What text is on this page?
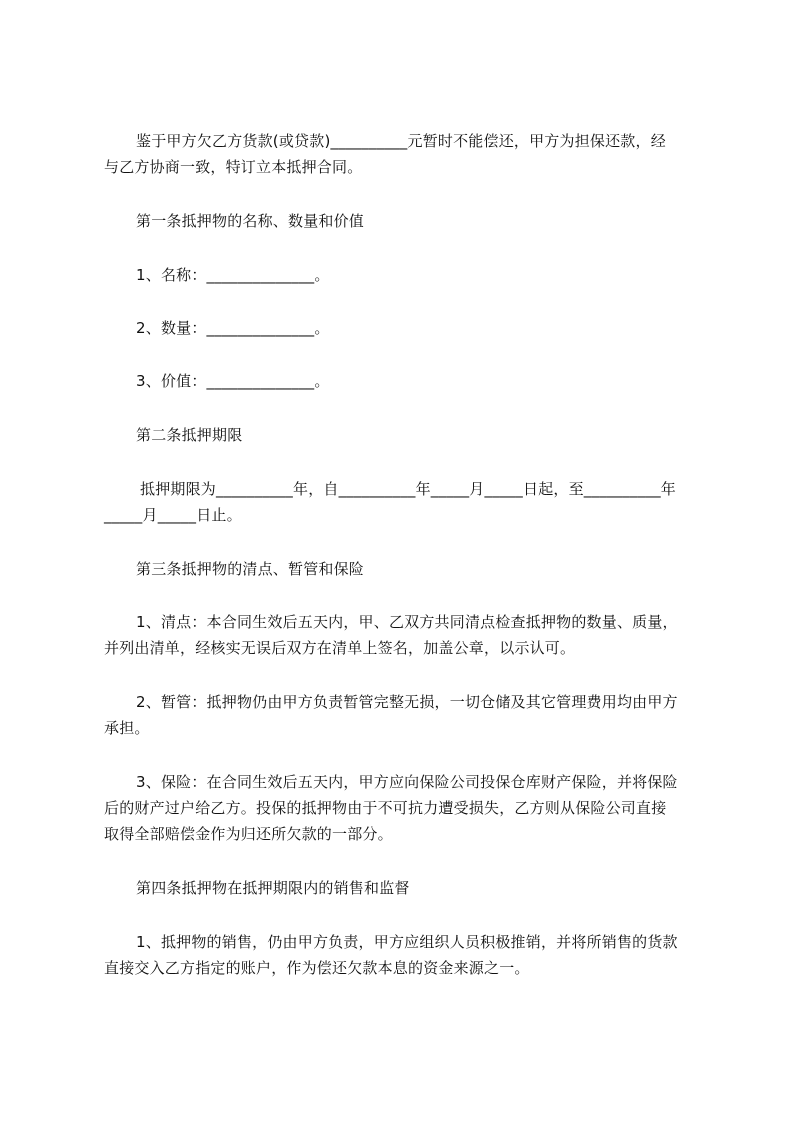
鉴于甲方欠乙方货款(或贷款)__________元暂时不能偿还，甲方为担保还款，经
与乙方协商一致，特订立本抵押合同。
第一条抵押物的名称、数量和价值
1、名称：______________。
2、数量：______________。
3、价值：______________。
第二条抵押期限
抵押期限为__________年，自__________年_____月_____日起，至__________年
_____月_____日止。
第三条抵押物的清点、暂管和保险
1、清点：本合同生效后五天内，甲、乙双方共同清点检查抵押物的数量、质量，
并列出清单，经核实无误后双方在清单上签名，加盖公章，以示认可。
2、暂管：抵押物仍由甲方负责暂管完整无损，一切仓储及其它管理费用均由甲方
承担。
3、保险：在合同生效后五天内，甲方应向保险公司投保仓库财产保险，并将保险
后的财产过户给乙方。投保的抵押物由于不可抗力遭受损失，乙方则从保险公司直接
取得全部赔偿金作为归还所欠款的一部分。
第四条抵押物在抵押期限内的销售和监督
1、抵押物的销售，仍由甲方负责，甲方应组织人员积极推销，并将所销售的货款
直接交入乙方指定的账户，作为偿还欠款本息的资金来源之一。
